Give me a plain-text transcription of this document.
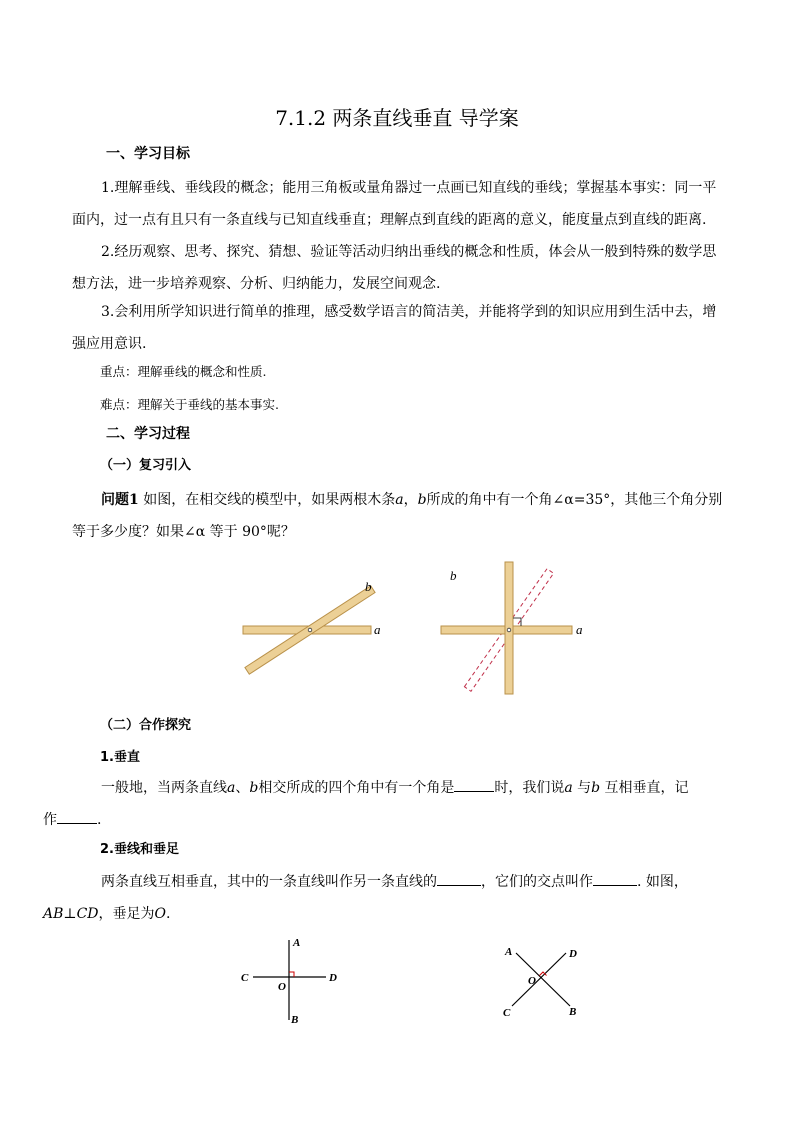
7.1.2 两条直线垂直 导学案
一、学习目标
1.理解垂线、垂线段的概念；能用三角板或量角器过一点画已知直线的垂线；掌握基本事实：同一平面内，过一点有且只有一条直线与已知直线垂直；理解点到直线的距离的意义，能度量点到直线的距离.
2.经历观察、思考、探究、猜想、验证等活动归纳出垂线的概念和性质，体会从一般到特殊的数学思想方法，进一步培养观察、分析、归纳能力，发展空间观念.
3.会利用所学知识进行简单的推理，感受数学语言的简洁美，并能将学到的知识应用到生活中去，增强应用意识.
重点：理解垂线的概念和性质.
难点：理解关于垂线的基本事实.
二、学习过程
（一）复习引入
问题1 如图，在相交线的模型中，如果两根木条a，b所成的角中有一个角∠α=35°，其他三个角分别等于多少度？如果∠α 等于 90°呢？
a
b
a
b
（二）合作探究
1.垂直
一般地，当两条直线a、b相交所成的四个角中有一个角是	时，我们说a 与b 互相垂直，记
作	.
2.垂线和垂足
两条直线互相垂直，其中的一条直线叫作另一条直线的	，它们的交点叫作	. 如图，
AB⊥CD，垂足为O.
A
B
C	D
O
A
B
C
D
O
